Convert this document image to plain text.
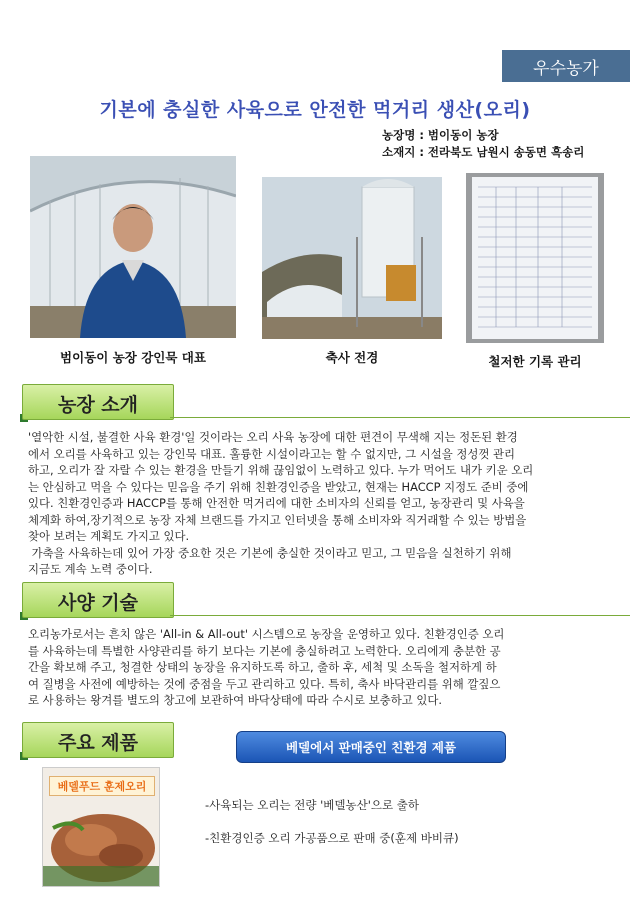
우수농가
기본에 충실한 사육으로 안전한 먹거리 생산(오리)
농장명 : 범이동이 농장
소재지 : 전라북도 남원시 송동면 흑송리
범이동이 농장 강인묵 대표	축사 전경	철저한 기록 관리
농장 소개

'열악한 시설, 불결한 사육 환경'일 것이라는 오리 사육 농장에 대한 편견이 무색해 지는 정돈된 환경

에서 오리를 사육하고 있는 강인묵 대표. 훌륭한 시설이라고는 할 수 없지만, 그 시설을 정성껏 관리

하고, 오리가 잘 자랄 수 있는 환경을 만들기 위해 끊임없이 노력하고 있다. 누가 먹어도 내가 키운 오리

는 안심하고 먹을 수 있다는 믿음을 주기 위해 친환경인증을 받았고, 현재는 HACCP 지정도 준비 중에

있다. 친환경인증과 HACCP를 통해 안전한 먹거리에 대한 소비자의 신뢰를 얻고, 농장관리 및 사육을

체계화 하여,장기적으로 농장 자체 브랜드를 가지고 인터넷을 통해 소비자와 직거래할 수 있는 방법을

찾아 보려는 계획도 가지고 있다.

가축을 사육하는데 있어 가장 중요한 것은 기본에 충실한 것이라고 믿고, 그 믿음을 실천하기 위해

지금도 계속 노력 중이다.

사양 기술

오리농가로서는 흔치 않은 'All-in & All-out' 시스템으로 농장을 운영하고 있다. 친환경인증 오리

를 사육하는데 특별한 사양관리를 하기 보다는 기본에 충실하려고 노력한다. 오리에게 충분한 공

간을 확보해 주고, 청결한 상태의 농장을 유지하도록 하고, 출하 후, 세척 및 소독을 철저하게 하

여 질병을 사전에 예방하는 것에 중점을 두고 관리하고 있다. 특히, 축사 바닥관리를 위해 깔짚으

로 사용하는 왕겨를 별도의 창고에 보관하여 바닥상태에 따라 수시로 보충하고 있다.

주요 제품	베델에서 판매중인 친환경 제품
베델푸드 훈제오리
-사육되는 오리는 전량 '베델농산'으로 출하
-친환경인증 오리 가공품으로 판매 중(훈제 바비큐)
